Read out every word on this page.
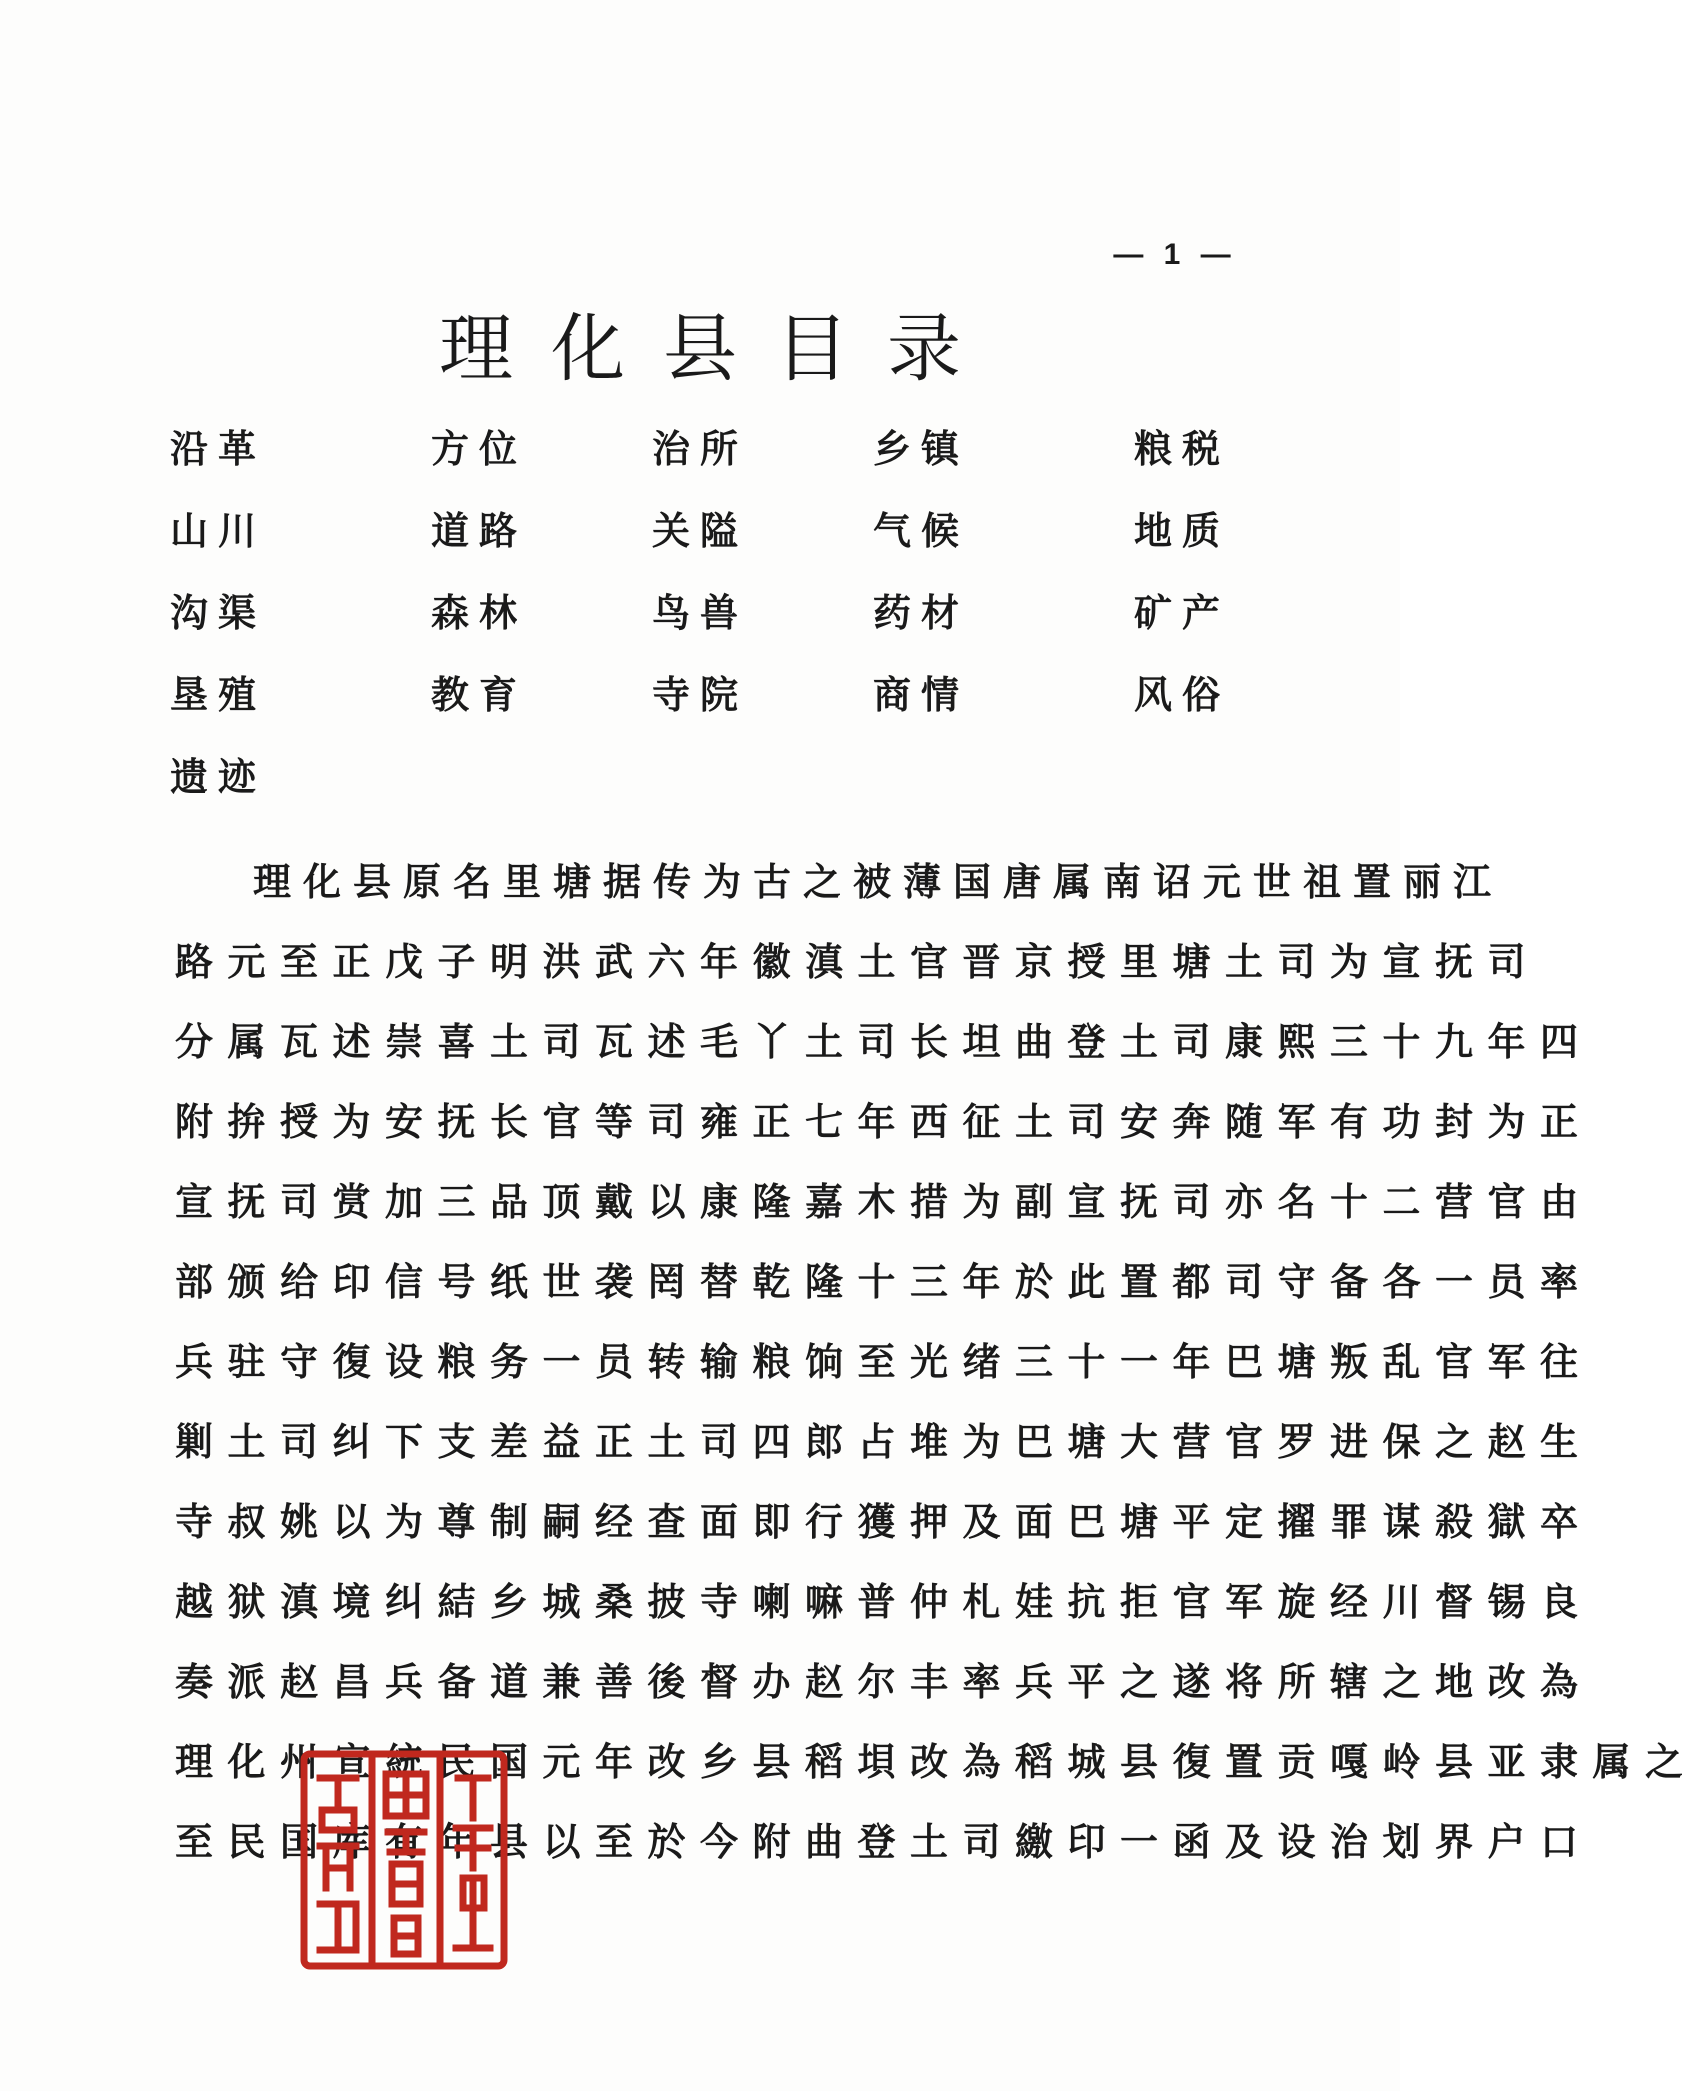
— 1 —
理化县目录
沿革	方位	治所	乡镇	粮税
山川	道路	关隘	气候	地质
沟渠	森林	鸟兽	药材	矿产
垦殖	教育	寺院	商情	风俗
遗迹
理化县原名里塘据传为古之被薄国唐属南诏元世祖置丽江
路元至正戊子明洪武六年徽滇土官晋京授里塘土司为宣抚司
分属瓦述崇喜土司瓦述毛丫土司长坦曲登土司康熙三十九年四
附拚授为安抚长官等司雍正七年西征土司安奔随军有功封为正
宣抚司赏加三品顶戴以康隆嘉木措为副宣抚司亦名十二营官由
部颁给印信号纸世袭罔替乾隆十三年於此置都司守备各一员率
兵驻守復设粮务一员转输粮饷至光绪三十一年巴塘叛乱官军往
剿土司纠下支差益正土司四郎占堆为巴塘大营官罗进保之赵生
寺叔姚以为尊制嗣经查面即行獲押及面巴塘平定擢罪谋殺獄卒
越狱滇境纠結乡城桑披寺喇嘛普仲札娃抗拒官军旋经川督锡良
奏派赵昌兵备道兼善後督办赵尔丰率兵平之遂将所辖之地改為
理化州宣統民国元年改乡县稻垻改為稻城县復置贡嘎岭县亚隶属之
至民国库有年县以至於今附曲登土司繳印一函及设治划界户口
